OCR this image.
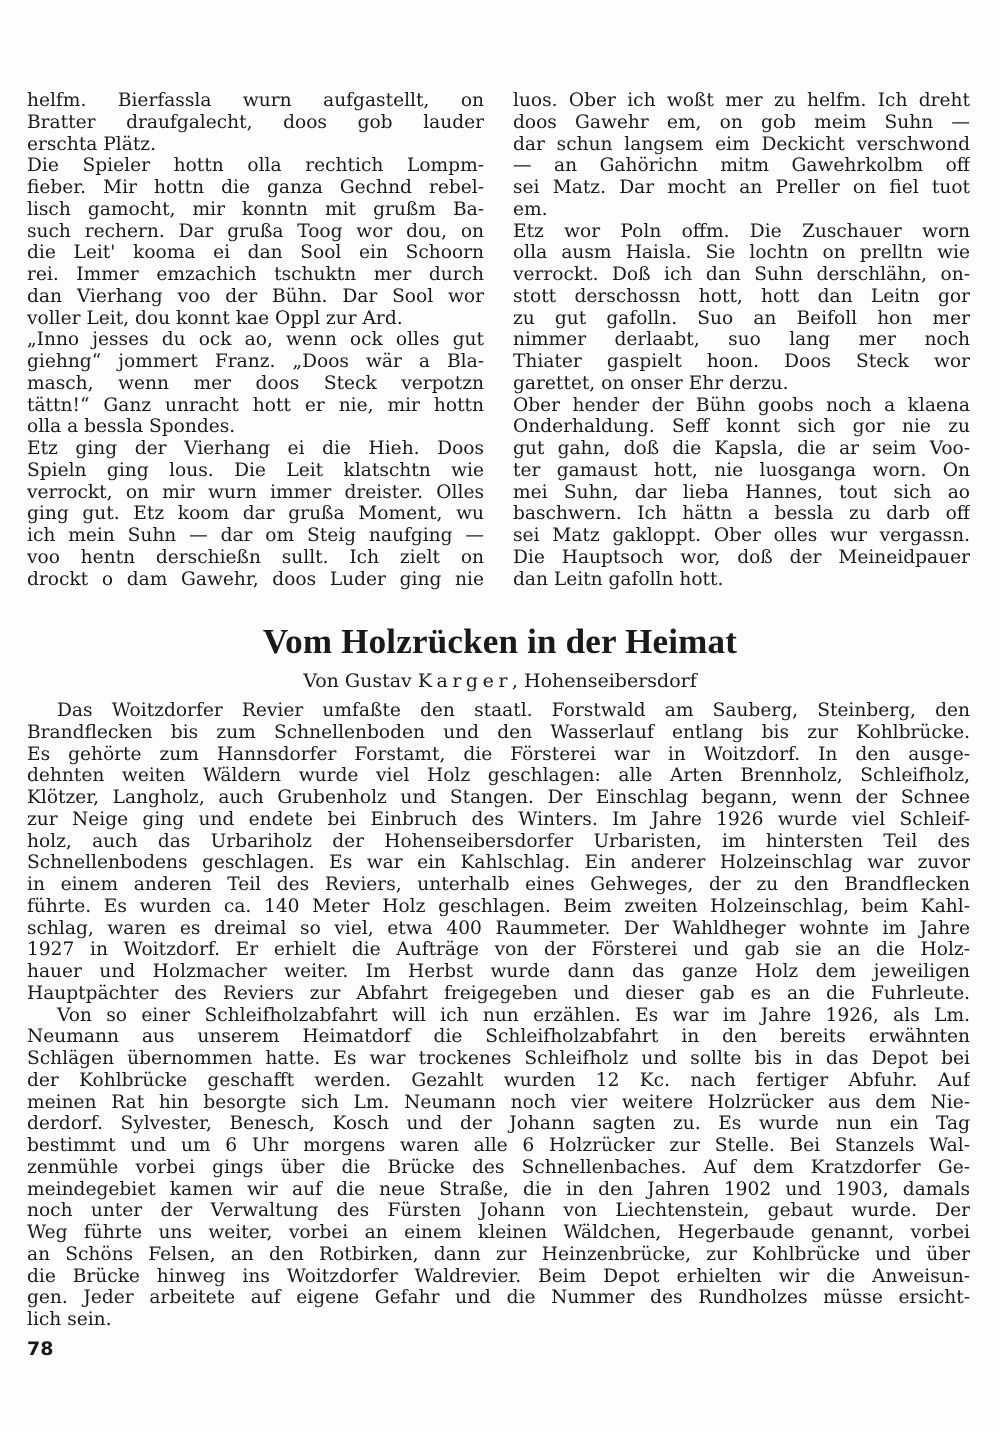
helfm. Bierfassla wurn aufgastellt, on
Bratter draufgalecht, doos gob lauder
erschta Plätz.
Die Spieler hottn olla rechtich Lompm-
fieber. Mir hottn die ganza Gechnd rebel-
lisch gamocht, mir konntn mit grußm Ba-
such rechern. Dar grußa Toog wor dou, on
die Leit' kooma ei dan Sool ein Schoorn
rei. Immer emzachich tschuktn mer durch
dan Vierhang voo der Bühn. Dar Sool wor
voller Leit, dou konnt kae Oppl zur Ard.
„Inno jesses du ock ao, wenn ock olles gut
giehng“ jommert Franz. „Doos wär a Bla-
masch, wenn mer doos Steck verpotzn
tättn!“ Ganz unracht hott er nie, mir hottn
olla a bessla Spondes.
Etz ging der Vierhang ei die Hieh. Doos
Spieln ging lous. Die Leit klatschtn wie
verrockt, on mir wurn immer dreister. Olles
ging gut. Etz koom dar grußa Moment, wu
ich mein Suhn — dar om Steig naufging —
voo hentn derschießn sullt. Ich zielt on
drockt o dam Gawehr, doos Luder ging nie
luos. Ober ich woßt mer zu helfm. Ich dreht
doos Gawehr em, on gob meim Suhn —
dar schun langsem eim Deckicht verschwond
— an Gahörichn mitm Gawehrkolbm off
sei Matz. Dar mocht an Preller on fiel tuot
em.
Etz wor Poln offm. Die Zuschauer worn
olla ausm Haisla. Sie lochtn on prelltn wie
verrockt. Doß ich dan Suhn derschlähn, on-
stott derschossn hott, hott dan Leitn gor
zu gut gafolln. Suo an Beifoll hon mer
nimmer derlaabt, suo lang mer noch
Thiater gaspielt hoon. Doos Steck wor
garettet, on onser Ehr derzu.
Ober hender der Bühn goobs noch a klaena
Onderhaldung. Seff konnt sich gor nie zu
gut gahn, doß die Kapsla, die ar seim Voo-
ter gamaust hott, nie luosganga worn. On
mei Suhn, dar lieba Hannes, tout sich ao
baschwern. Ich hättn a bessla zu darb off
sei Matz gakloppt. Ober olles wur vergassn.
Die Hauptsoch wor, doß der Meineidpauer
dan Leitn gafolln hott.
Vom Holzrücken in der Heimat
Von Gustav Karger, Hohenseibersdorf
Das Woitzdorfer Revier umfaßte den staatl. Forstwald am Sauberg, Steinberg, den
Brandflecken bis zum Schnellenboden und den Wasserlauf entlang bis zur Kohlbrücke.
Es gehörte zum Hannsdorfer Forstamt, die Försterei war in Woitzdorf. In den ausge-
dehnten weiten Wäldern wurde viel Holz geschlagen: alle Arten Brennholz, Schleifholz,
Klötzer, Langholz, auch Grubenholz und Stangen. Der Einschlag begann, wenn der Schnee
zur Neige ging und endete bei Einbruch des Winters. Im Jahre 1926 wurde viel Schleif-
holz, auch das Urbariholz der Hohenseibersdorfer Urbaristen, im hintersten Teil des
Schnellenbodens geschlagen. Es war ein Kahlschlag. Ein anderer Holzeinschlag war zuvor
in einem anderen Teil des Reviers, unterhalb eines Gehweges, der zu den Brandflecken
führte. Es wurden ca. 140 Meter Holz geschlagen. Beim zweiten Holzeinschlag, beim Kahl-
schlag, waren es dreimal so viel, etwa 400 Raummeter. Der Wahldheger wohnte im Jahre
1927 in Woitzdorf. Er erhielt die Aufträge von der Försterei und gab sie an die Holz-
hauer und Holzmacher weiter. Im Herbst wurde dann das ganze Holz dem jeweiligen
Hauptpächter des Reviers zur Abfahrt freigegeben und dieser gab es an die Fuhrleute.
Von so einer Schleifholzabfahrt will ich nun erzählen. Es war im Jahre 1926, als Lm.
Neumann aus unserem Heimatdorf die Schleifholzabfahrt in den bereits erwähnten
Schlägen übernommen hatte. Es war trockenes Schleifholz und sollte bis in das Depot bei
der Kohlbrücke geschafft werden. Gezahlt wurden 12 Kc. nach fertiger Abfuhr. Auf
meinen Rat hin besorgte sich Lm. Neumann noch vier weitere Holzrücker aus dem Nie-
derdorf. Sylvester, Benesch, Kosch und der Johann sagten zu. Es wurde nun ein Tag
bestimmt und um 6 Uhr morgens waren alle 6 Holzrücker zur Stelle. Bei Stanzels Wal-
zenmühle vorbei gings über die Brücke des Schnellenbaches. Auf dem Kratzdorfer Ge-
meindegebiet kamen wir auf die neue Straße, die in den Jahren 1902 und 1903, damals
noch unter der Verwaltung des Fürsten Johann von Liechtenstein, gebaut wurde. Der
Weg führte uns weiter, vorbei an einem kleinen Wäldchen, Hegerbaude genannt, vorbei
an Schöns Felsen, an den Rotbirken, dann zur Heinzenbrücke, zur Kohlbrücke und über
die Brücke hinweg ins Woitzdorfer Waldrevier. Beim Depot erhielten wir die Anweisun-
gen. Jeder arbeitete auf eigene Gefahr und die Nummer des Rundholzes müsse ersicht-
lich sein.
78
